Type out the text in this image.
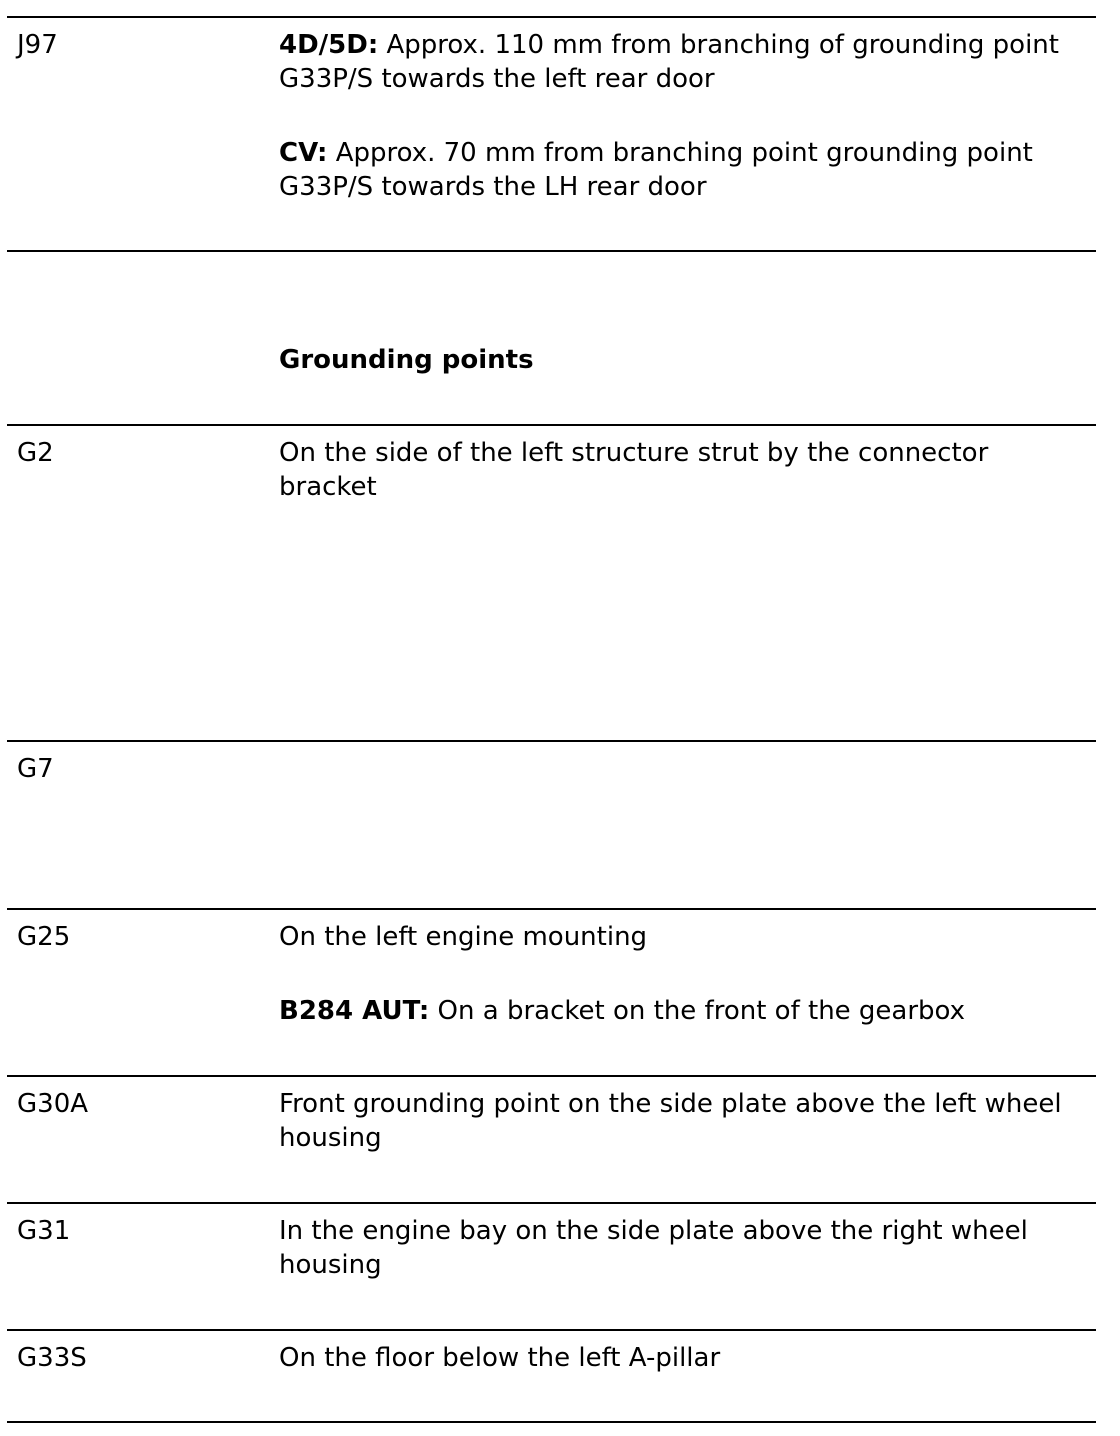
J97	4D/5D: Approx. 110 mm from branching of grounding point G33P/S towards the left rear door

CV: Approx. 70 mm from branching point grounding point G33P/S towards the LH rear door

Grounding points
G2	On the side of the left structure strut by the connector bracket
G7
G25	On the left engine mounting

B284 AUT: On a bracket on the front of the gearbox

G30A	Front grounding point on the side plate above the left wheel housing
G31	In the engine bay on the side plate above the right wheel housing
G33S	On the floor below the left A-pillar
